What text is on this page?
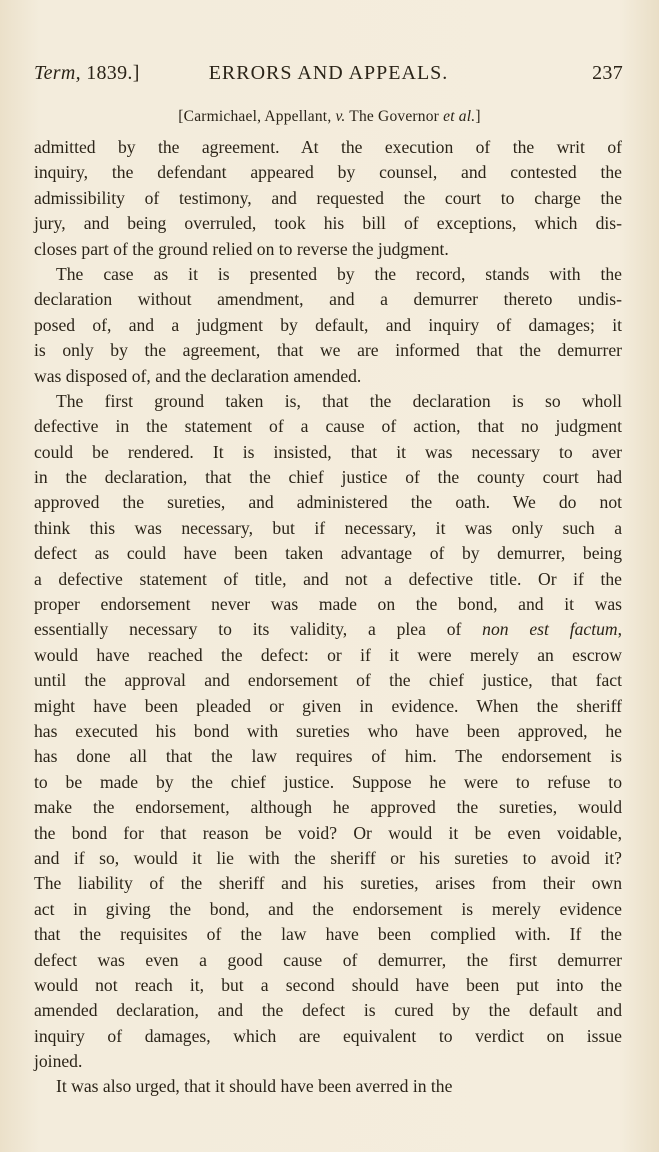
Term, 1839.]	ERRORS AND APPEALS.	237
[Carmichael, Appellant, v. The Governor et al.]
admitted by the agreement. At the execution of the writ of
inquiry, the defendant appeared by counsel, and contested the
admissibility of testimony, and requested the court to charge the
jury, and being overruled, took his bill of exceptions, which dis-
closes part of the ground relied on to reverse the judgment.
The case as it is presented by the record, stands with the
declaration without amendment, and a demurrer thereto undis-
posed of, and a judgment by default, and inquiry of damages; it
is only by the agreement, that we are informed that the demurrer
was disposed of, and the declaration amended.
The first ground taken is, that the declaration is so wholl
defective in the statement of a cause of action, that no judgment
could be rendered. It is insisted, that it was necessary to aver
in the declaration, that the chief justice of the county court had
approved the sureties, and administered the oath. We do not
think this was necessary, but if necessary, it was only such a
defect as could have been taken advantage of by demurrer, being
a defective statement of title, and not a defective title. Or if the
proper endorsement never was made on the bond, and it was
essentially necessary to its validity, a plea of non est factum,
would have reached the defect: or if it were merely an escrow
until the approval and endorsement of the chief justice, that fact
might have been pleaded or given in evidence. When the sheriff
has executed his bond with sureties who have been approved, he
has done all that the law requires of him. The endorsement is
to be made by the chief justice. Suppose he were to refuse to
make the endorsement, although he approved the sureties, would
the bond for that reason be void? Or would it be even voidable,
and if so, would it lie with the sheriff or his sureties to avoid it?
The liability of the sheriff and his sureties, arises from their own
act in giving the bond, and the endorsement is merely evidence
that the requisites of the law have been complied with. If the
defect was even a good cause of demurrer, the first demurrer
would not reach it, but a second should have been put into the
amended declaration, and the defect is cured by the default and
inquiry of damages, which are equivalent to verdict on issue
joined.
It was also urged, that it should have been averred in the
